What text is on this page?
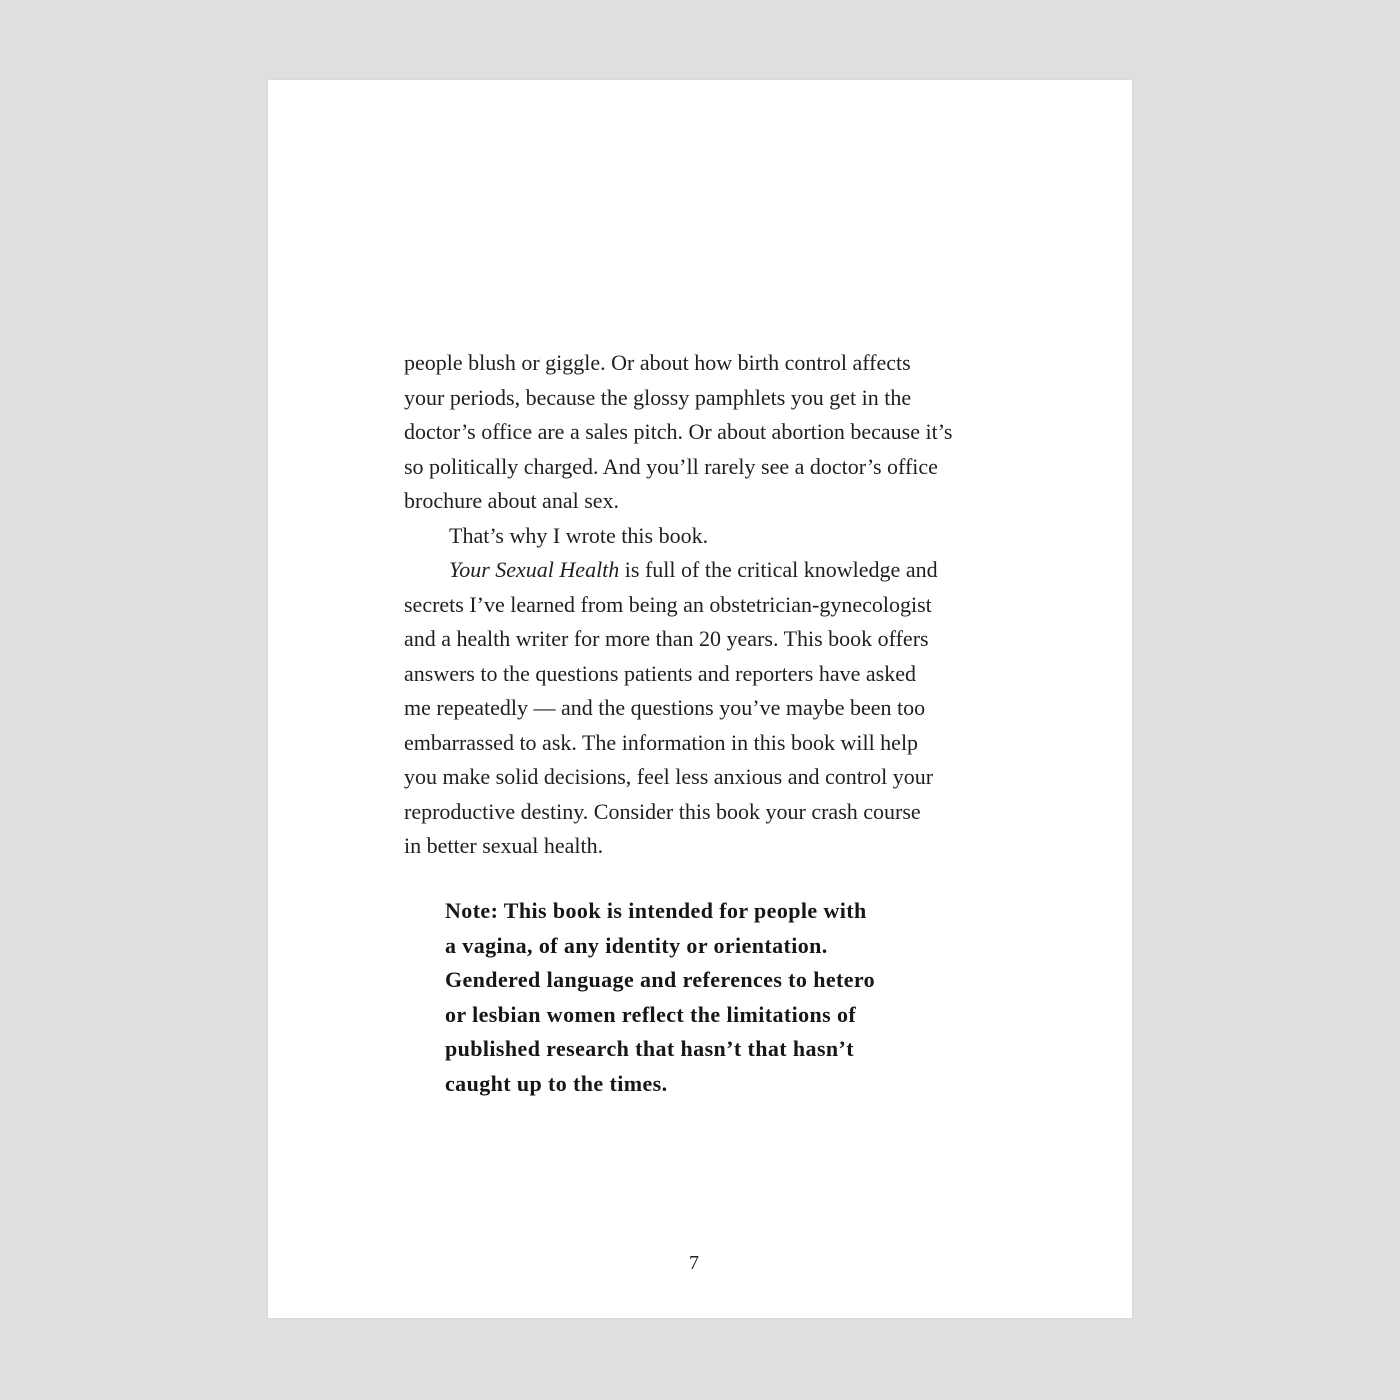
people blush or giggle. Or about how birth control affects
your periods, because the glossy pamphlets you get in the
doctor’s office are a sales pitch. Or about abortion because it’s
so politically charged. And you’ll rarely see a doctor’s office
brochure about anal sex.
That’s why I wrote this book.
Your Sexual Health is full of the critical knowledge and
secrets I’ve learned from being an obstetrician-gynecologist
and a health writer for more than 20 years. This book offers
answers to the questions patients and reporters have asked
me repeatedly — and the questions you’ve maybe been too
embarrassed to ask. The information in this book will help
you make solid decisions, feel less anxious and control your
reproductive destiny. Consider this book your crash course
in better sexual health.
Note: This book is intended for people with
a vagina, of any identity or orientation.
Gendered language and references to hetero
or lesbian women reflect the limitations of
published research that hasn’t that hasn’t
caught up to the times.
7
